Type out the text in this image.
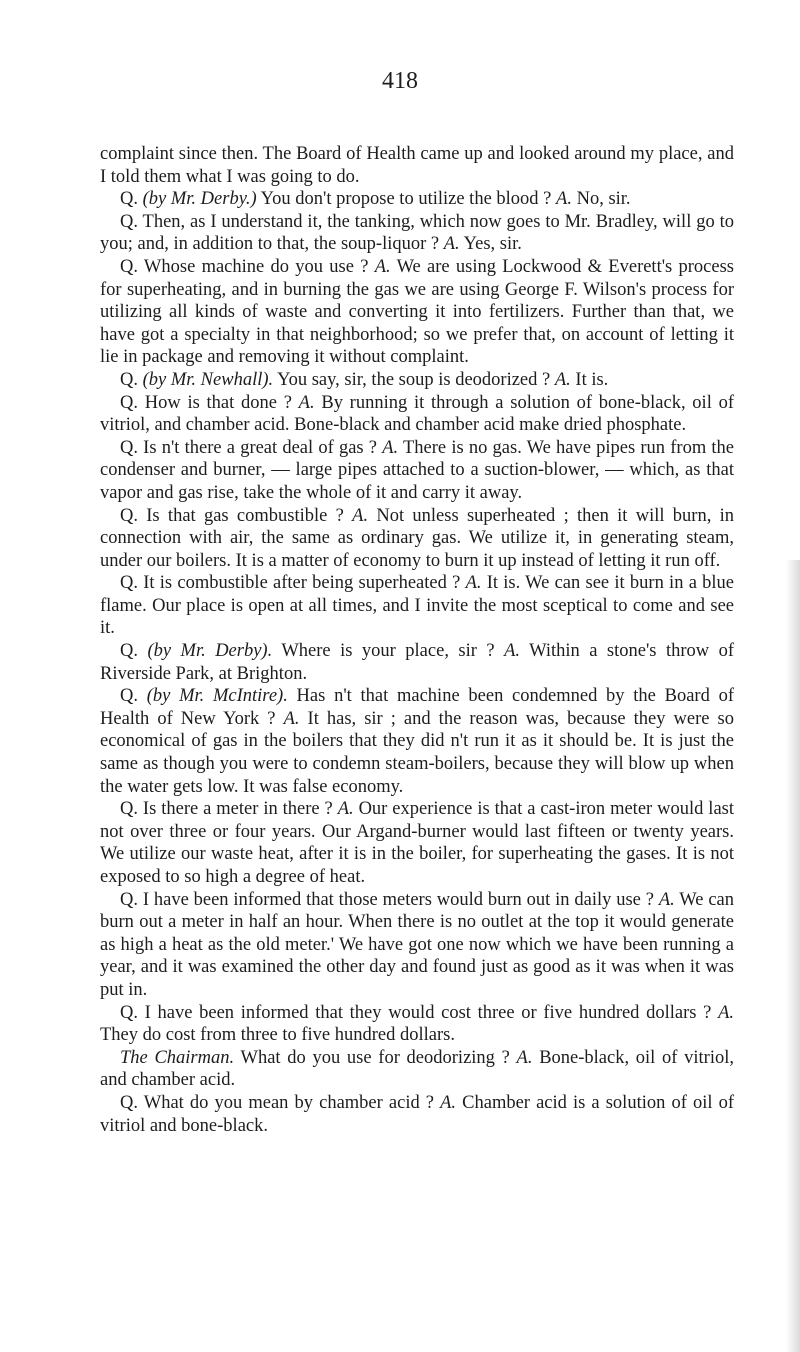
418

complaint since then. The Board of Health came up and looked around my place, and I told them what I was going to do.

Q. (by Mr. Derby.) You don't propose to utilize the blood ? A. No, sir.

Q. Then, as I understand it, the tanking, which now goes to Mr. Bradley, will go to you; and, in addition to that, the soup-liquor ? A. Yes, sir.

Q. Whose machine do you use ? A. We are using Lockwood & Everett's process for superheating, and in burning the gas we are using George F. Wilson's process for utilizing all kinds of waste and converting it into fertilizers. Further than that, we have got a specialty in that neighborhood; so we prefer that, on account of letting it lie in package and removing it without complaint.

Q. (by Mr. Newhall). You say, sir, the soup is deodorized ? A. It is.

Q. How is that done ? A. By running it through a solution of bone-black, oil of vitriol, and chamber acid. Bone-black and chamber acid make dried phosphate.

Q. Is n't there a great deal of gas ? A. There is no gas. We have pipes run from the condenser and burner, — large pipes attached to a suction-blower, — which, as that vapor and gas rise, take the whole of it and carry it away.

Q. Is that gas combustible ? A. Not unless superheated ; then it will burn, in connection with air, the same as ordinary gas. We utilize it, in generating steam, under our boilers. It is a matter of economy to burn it up instead of letting it run off.

Q. It is combustible after being superheated ? A. It is. We can see it burn in a blue flame. Our place is open at all times, and I invite the most sceptical to come and see it.

Q. (by Mr. Derby). Where is your place, sir ? A. Within a stone's throw of Riverside Park, at Brighton.

Q. (by Mr. McIntire). Has n't that machine been condemned by the Board of Health of New York ? A. It has, sir ; and the reason was, because they were so economical of gas in the boilers that they did n't run it as it should be. It is just the same as though you were to condemn steam-boilers, because they will blow up when the water gets low. It was false economy.

Q. Is there a meter in there ? A. Our experience is that a cast-iron meter would last not over three or four years. Our Argand-burner would last fifteen or twenty years. We utilize our waste heat, after it is in the boiler, for superheating the gases. It is not exposed to so high a degree of heat.

Q. I have been informed that those meters would burn out in daily use ? A. We can burn out a meter in half an hour. When there is no outlet at the top it would generate as high a heat as the old meter.' We have got one now which we have been running a year, and it was examined the other day and found just as good as it was when it was put in.

Q. I have been informed that they would cost three or five hundred dollars ? A. They do cost from three to five hundred dollars.

The Chairman. What do you use for deodorizing ? A. Bone-black, oil of vitriol, and chamber acid.

Q. What do you mean by chamber acid ? A. Chamber acid is a solution of oil of vitriol and bone-black.
